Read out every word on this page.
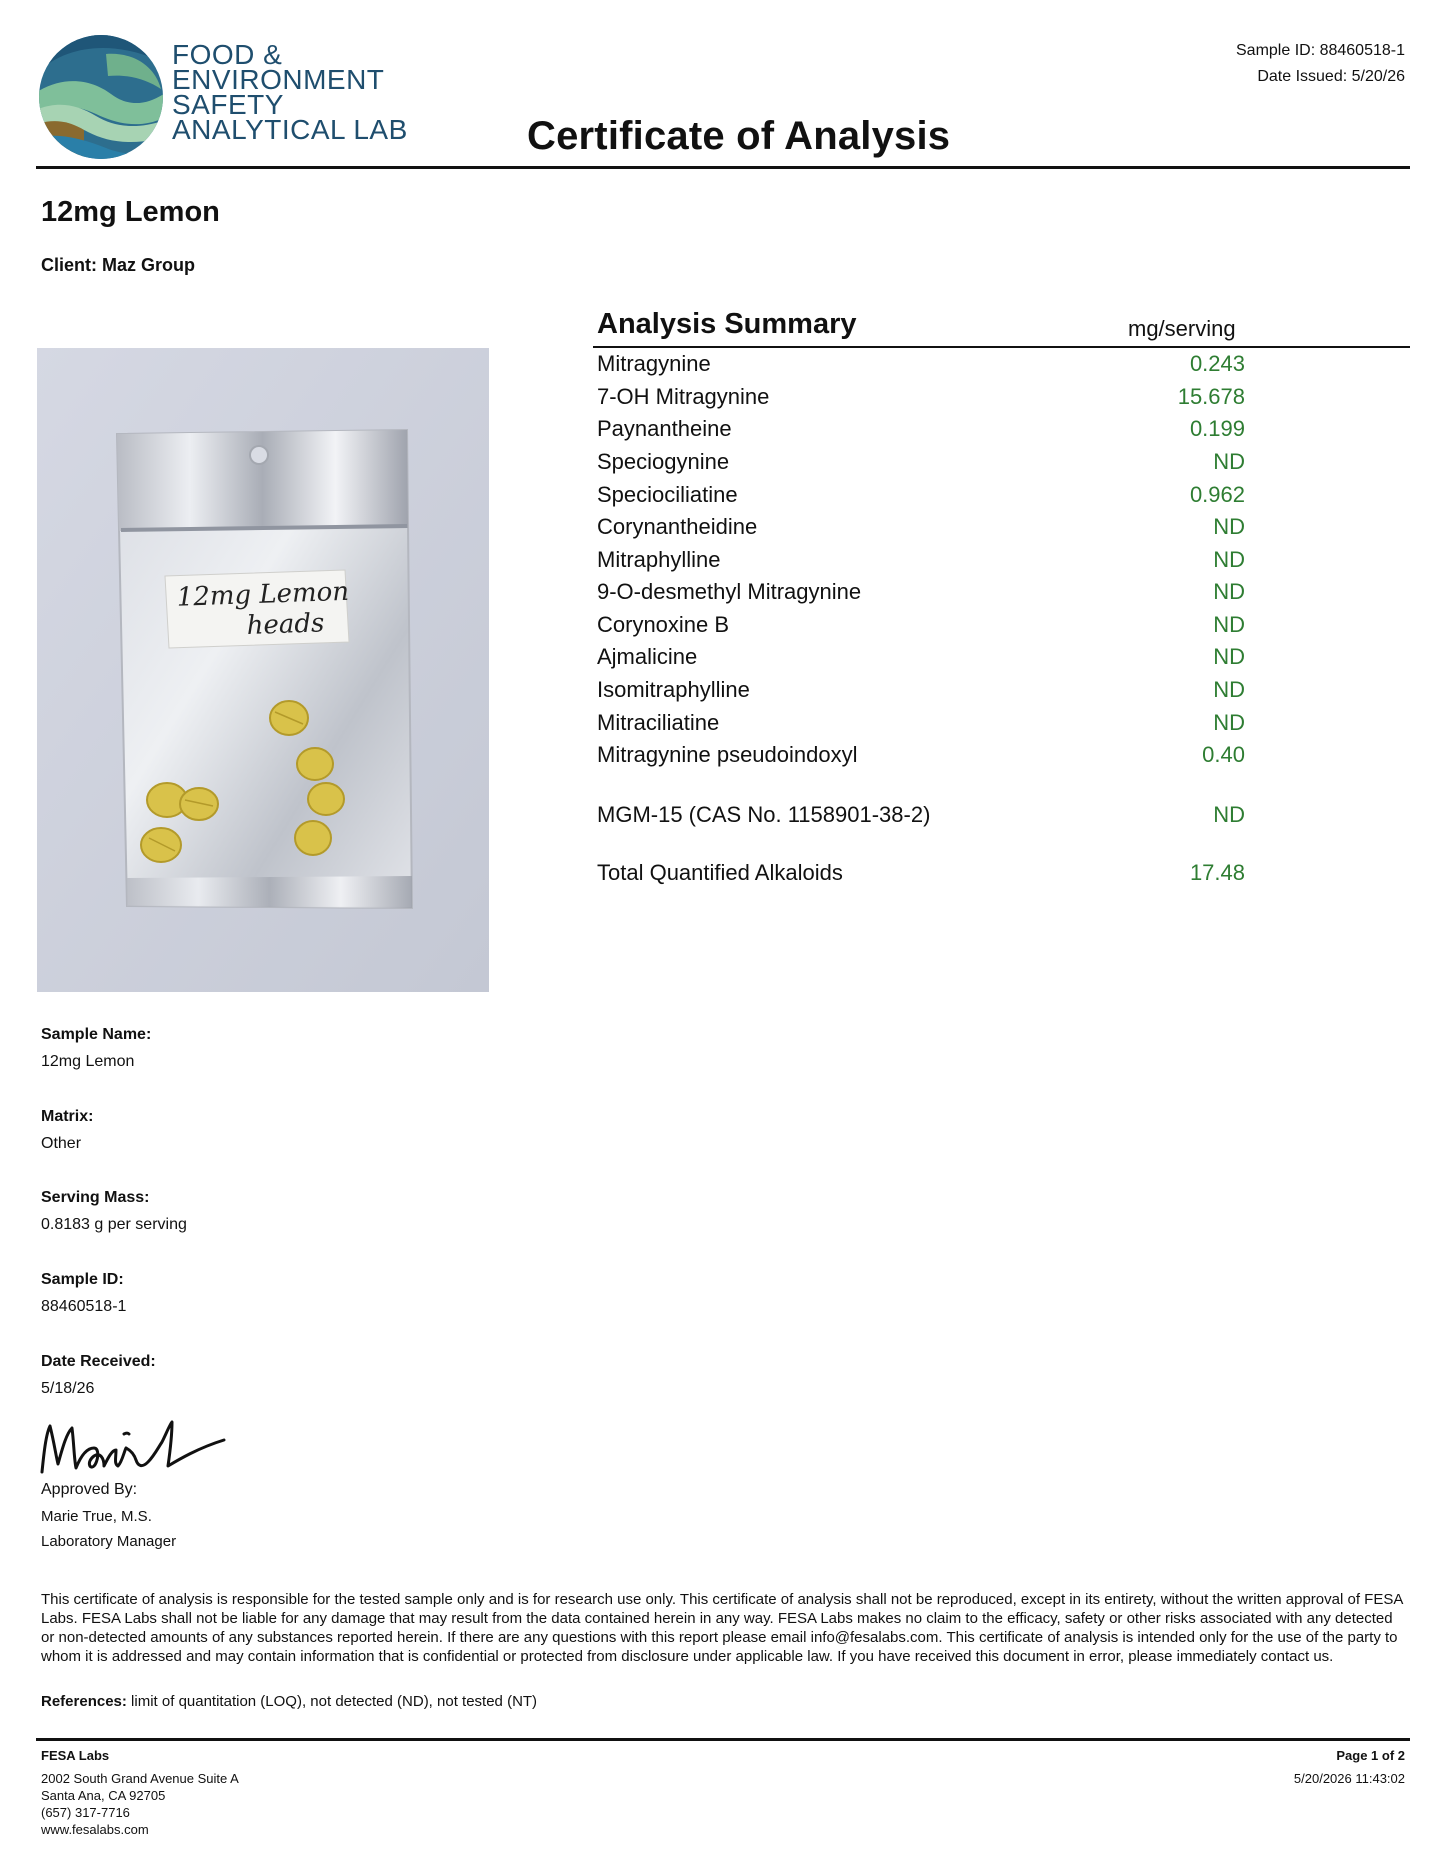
FOOD &
ENVIRONMENT
SAFETY
ANALYTICAL LAB
Sample ID: 88460518-1
Date Issued: 5/20/26
Certificate of Analysis
12mg Lemon
Client: Maz Group
12mg Lemon
heads
Analysis Summary	mg/serving
Mitragynine	0.243
7-OH Mitragynine	15.678
Paynantheine	0.199
Speciogynine	ND
Speciociliatine	0.962
Corynantheidine	ND
Mitraphylline	ND
9-O-desmethyl Mitragynine	ND
Corynoxine B	ND
Ajmalicine	ND
Isomitraphylline	ND
Mitraciliatine	ND
Mitragynine pseudoindoxyl	0.40
MGM-15 (CAS No. 1158901-38-2)	ND
Total Quantified Alkaloids	17.48
Sample Name:
12mg Lemon
Matrix:
Other
Serving Mass:
0.8183 g per serving
Sample ID:
88460518-1
Date Received:
5/18/26
Approved By:
Marie True, M.S.
Laboratory Manager
This certificate of analysis is responsible for the tested sample only and is for research use only. This certificate of analysis shall not be reproduced, except in its entirety, without the written approval of FESA Labs. FESA Labs shall not be liable for any damage that may result from the data contained herein in any way. FESA Labs makes no claim to the efficacy, safety or other risks associated with any detected or non-detected amounts of any substances reported herein. If there are any questions with this report please email info@fesalabs.com. This certificate of analysis is intended only for the use of the party to whom it is addressed and may contain information that is confidential or protected from disclosure under applicable law. If you have received this document in error, please immediately contact us.
References: limit of quantitation (LOQ), not detected (ND), not tested (NT)
FESA Labs
2002 South Grand Avenue Suite A
Santa Ana, CA 92705
(657) 317-7716
www.fesalabs.com
Page 1 of 2
5/20/2026 11:43:02
